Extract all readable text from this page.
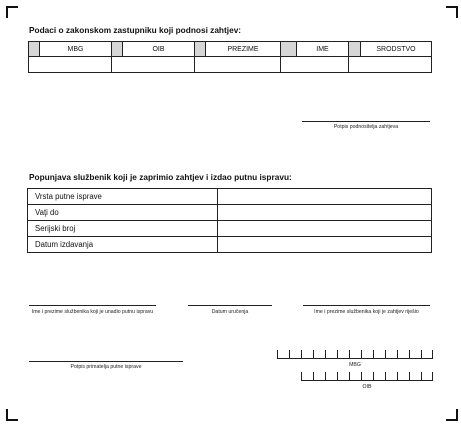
Podaci o zakonskom zastupniku koji podnosi zahtjev:
	MBG		OIB		PREZIME		IME		SRODSTVO

Potpis podnositelja zahtjeva
Popunjava službenik koji je zaprimio zahtjev i izdao putnu ispravu:
Vrsta putne isprave	
Vaţi do	
Serijski broj	
Datum izdavanja	
Ime i prezime službenika koji je unadio putnu ispravu	Datum uručenja	Ime i prezime službenika koji je zahtjev riješio
Potpis primatelja putne isprave	MBG
OIB
